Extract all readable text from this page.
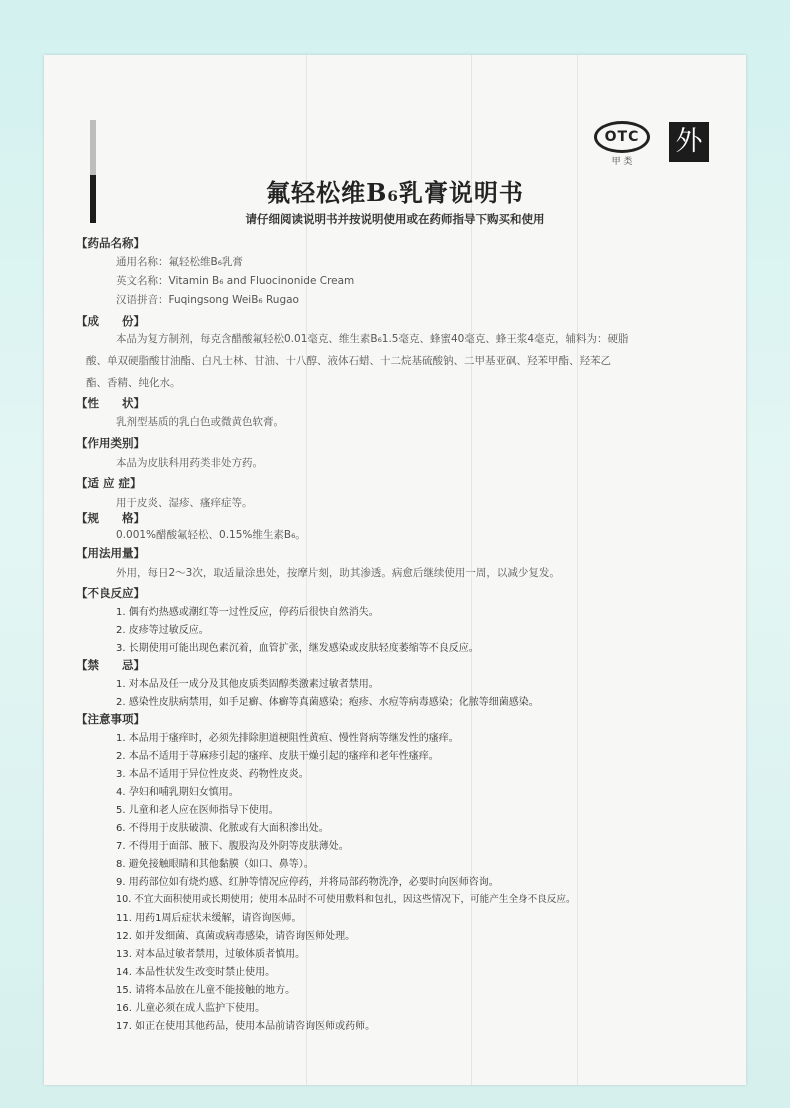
OTC
甲 类
外
氟轻松维B₆乳膏说明书
请仔细阅读说明书并按说明使用或在药师指导下购买和使用
【药品名称】
通用名称：氟轻松维B₆乳膏
英文名称：Vitamin B₆ and Fluocinonide Cream
汉语拼音：Fuqingsong WeiB₆ Rugao
【成　　份】
本品为复方制剂，每克含醋酸氟轻松0.01毫克、维生素B₆1.5毫克、蜂蜜40毫克、蜂王浆4毫克，辅料为：硬脂
酸、单双硬脂酸甘油酯、白凡士林、甘油、十八醇、液体石蜡、十二烷基硫酸钠、二甲基亚砜、羟苯甲酯、羟苯乙
酯、香精、纯化水。
【性　　状】
乳剂型基质的乳白色或微黄色软膏。
【作用类别】
本品为皮肤科用药类非处方药。
【适 应 症】
用于皮炎、湿疹、瘙痒症等。
【规　　格】
0.001%醋酸氟轻松、0.15%维生素B₆。
【用法用量】
外用，每日2～3次，取适量涂患处，按摩片刻，助其渗透。病愈后继续使用一周，以减少复发。
【不良反应】
1. 偶有灼热感或潮红等一过性反应，停药后很快自然消失。
2. 皮疹等过敏反应。
3. 长期使用可能出现色素沉着，血管扩张，继发感染或皮肤轻度萎缩等不良反应。
【禁　　忌】
1. 对本品及任一成分及其他皮质类固醇类激素过敏者禁用。
2. 感染性皮肤病禁用，如手足癣、体癣等真菌感染；疱疹、水痘等病毒感染；化脓等细菌感染。
【注意事项】
1. 本品用于瘙痒时，必须先排除胆道梗阻性黄疸、慢性肾病等继发性的瘙痒。
2. 本品不适用于荨麻疹引起的瘙痒、皮肤干燥引起的瘙痒和老年性瘙痒。
3. 本品不适用于异位性皮炎、药物性皮炎。
4. 孕妇和哺乳期妇女慎用。
5. 儿童和老人应在医师指导下使用。
6. 不得用于皮肤破溃、化脓或有大面积渗出处。
7. 不得用于面部、腋下、腹股沟及外阴等皮肤薄处。
8. 避免接触眼睛和其他黏膜（如口、鼻等）。
9. 用药部位如有烧灼感、红肿等情况应停药，并将局部药物洗净，必要时向医师咨询。
10. 不宜大面积使用或长期使用；使用本品时不可使用敷料和包扎，因这些情况下，可能产生全身不良反应。
11. 用药1周后症状未缓解，请咨询医师。
12. 如并发细菌、真菌或病毒感染，请咨询医师处理。
13. 对本品过敏者禁用，过敏体质者慎用。
14. 本品性状发生改变时禁止使用。
15. 请将本品放在儿童不能接触的地方。
16. 儿童必须在成人监护下使用。
17. 如正在使用其他药品，使用本品前请咨询医师或药师。
